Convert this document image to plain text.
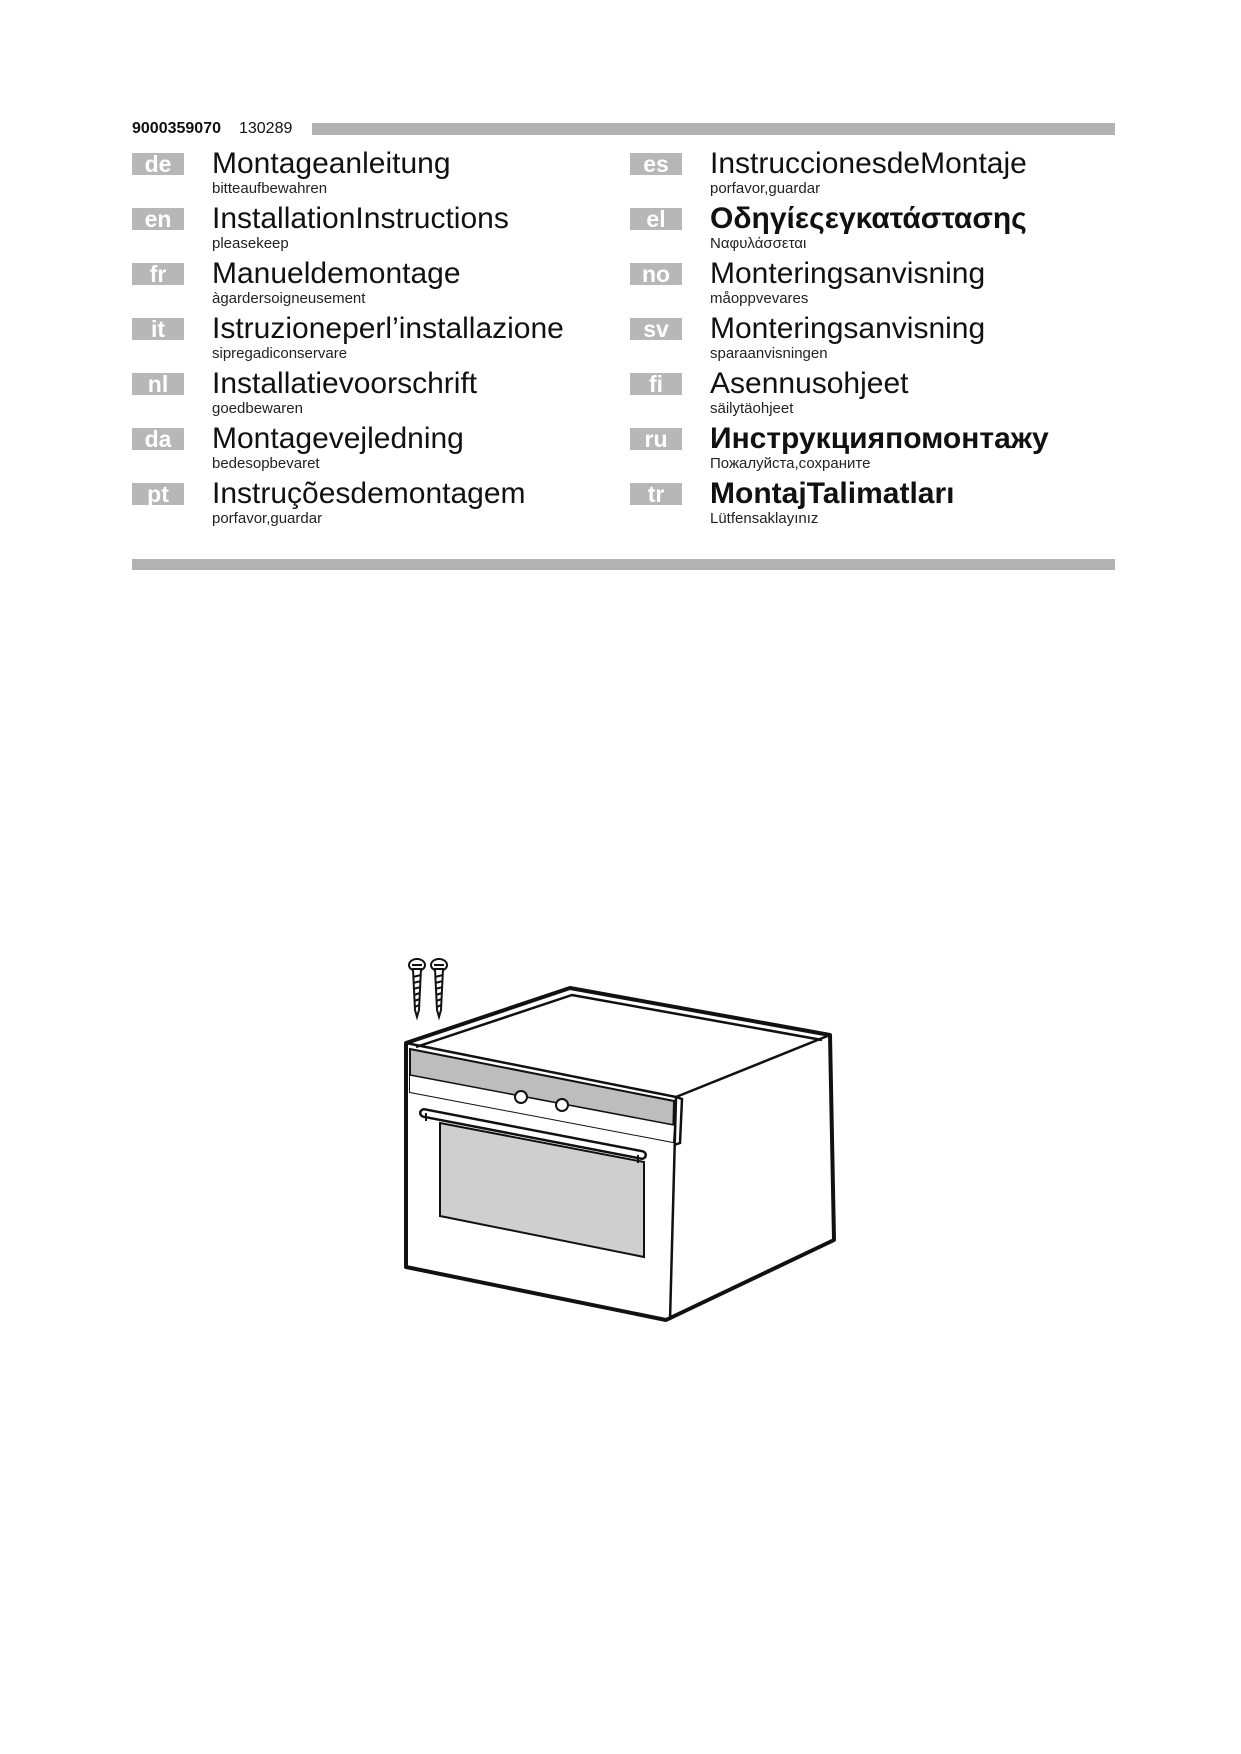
9000359070 130289
de	Montageanleitung
bitteaufbewahren
en	InstallationInstructions
pleasekeep
fr	Manueldemontage
àgardersoigneusement
it	Istruzioneperl’installazione
sipregadiconservare
nl	Installatievoorschrift
goedbewaren
da	Montagevejledning
bedesopbevaret
pt	Instruçõesdemontagem
porfavor,guardar
es	InstruccionesdeMontaje
porfavor,guardar
el	Οδηγίεςεγκατάστασης
Ναφυλάσσεται
no	Monteringsanvisning
måoppvevares
sv	Monteringsanvisning
sparaanvisningen
fi	Asennusohjeet
säilytäohjeet
ru	Инструкцияпомонтажу
Пожалуйста,сохраните
tr	MontajTalimatları
Lütfensaklayınız
